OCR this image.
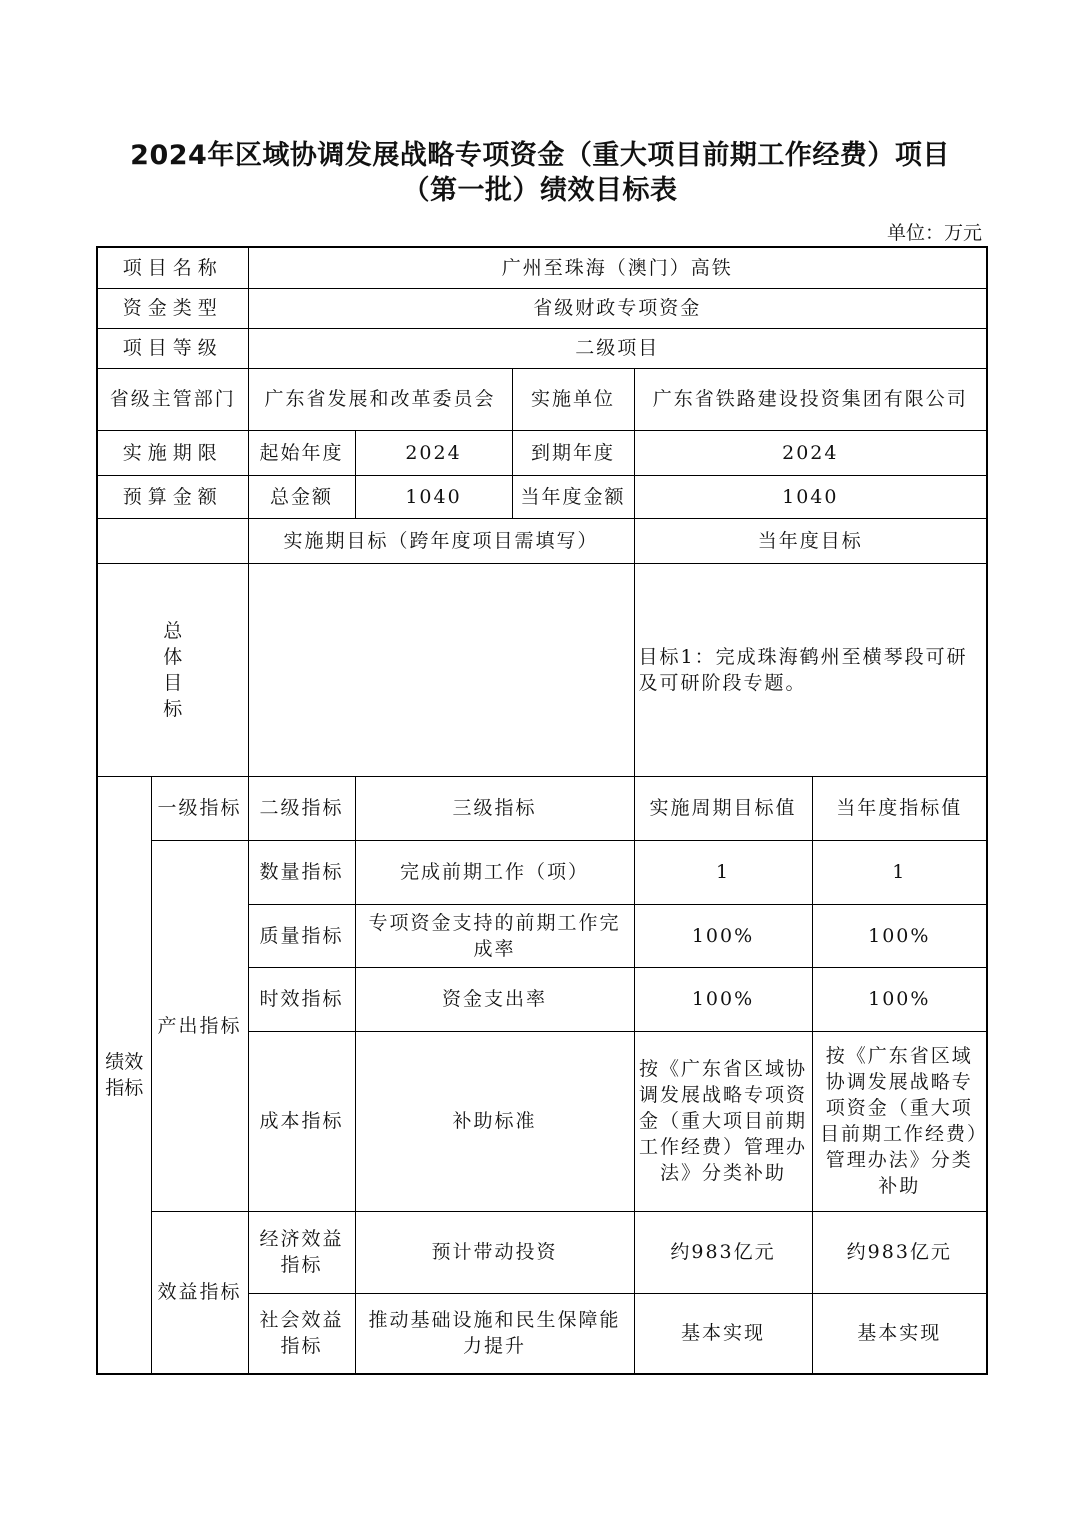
2024年区域协调发展战略专项资金（重大项目前期工作经费）项目
（第一批）绩效目标表
单位：万元
项目名称		广州至珠海（澳门）高铁				
资金类型		省级财政专项资金				
项目等级		二级项目				
省级主管部门		广东省发展和改革委员会		实施单位	广东省铁路建设投资集团有限公司	
实施期限		起始年度	2024	到期年度	2024	
预算金额		总金额	1040	当年度金额	1040	
		实施期目标（跨年度项目需填写）			当年度目标	

总
体
目
标					目标1：完成珠海鹤州至横琴段可研及可研阶段专题。	

绩效
指标	一级指标	二级指标	三级指标		实施周期目标值	当年度指标值
	产出指标	数量指标	完成前期工作（项）		1	1
		质量指标	专项资金支持的前期工作完成率		100%	100%
		时效指标	资金支出率		100%	100%
		成本指标	补助标准		按《广东省区域协调发展战略专项资金（重大项目前期工作经费）管理办法》分类补助	按《广东省区域协调发展战略专项资金（重大项目前期工作经费）管理办法》分类补助
	效益指标	经济效益指标	预计带动投资		约983亿元	约983亿元
		社会效益指标	推动基础设施和民生保障能力提升		基本实现	基本实现
